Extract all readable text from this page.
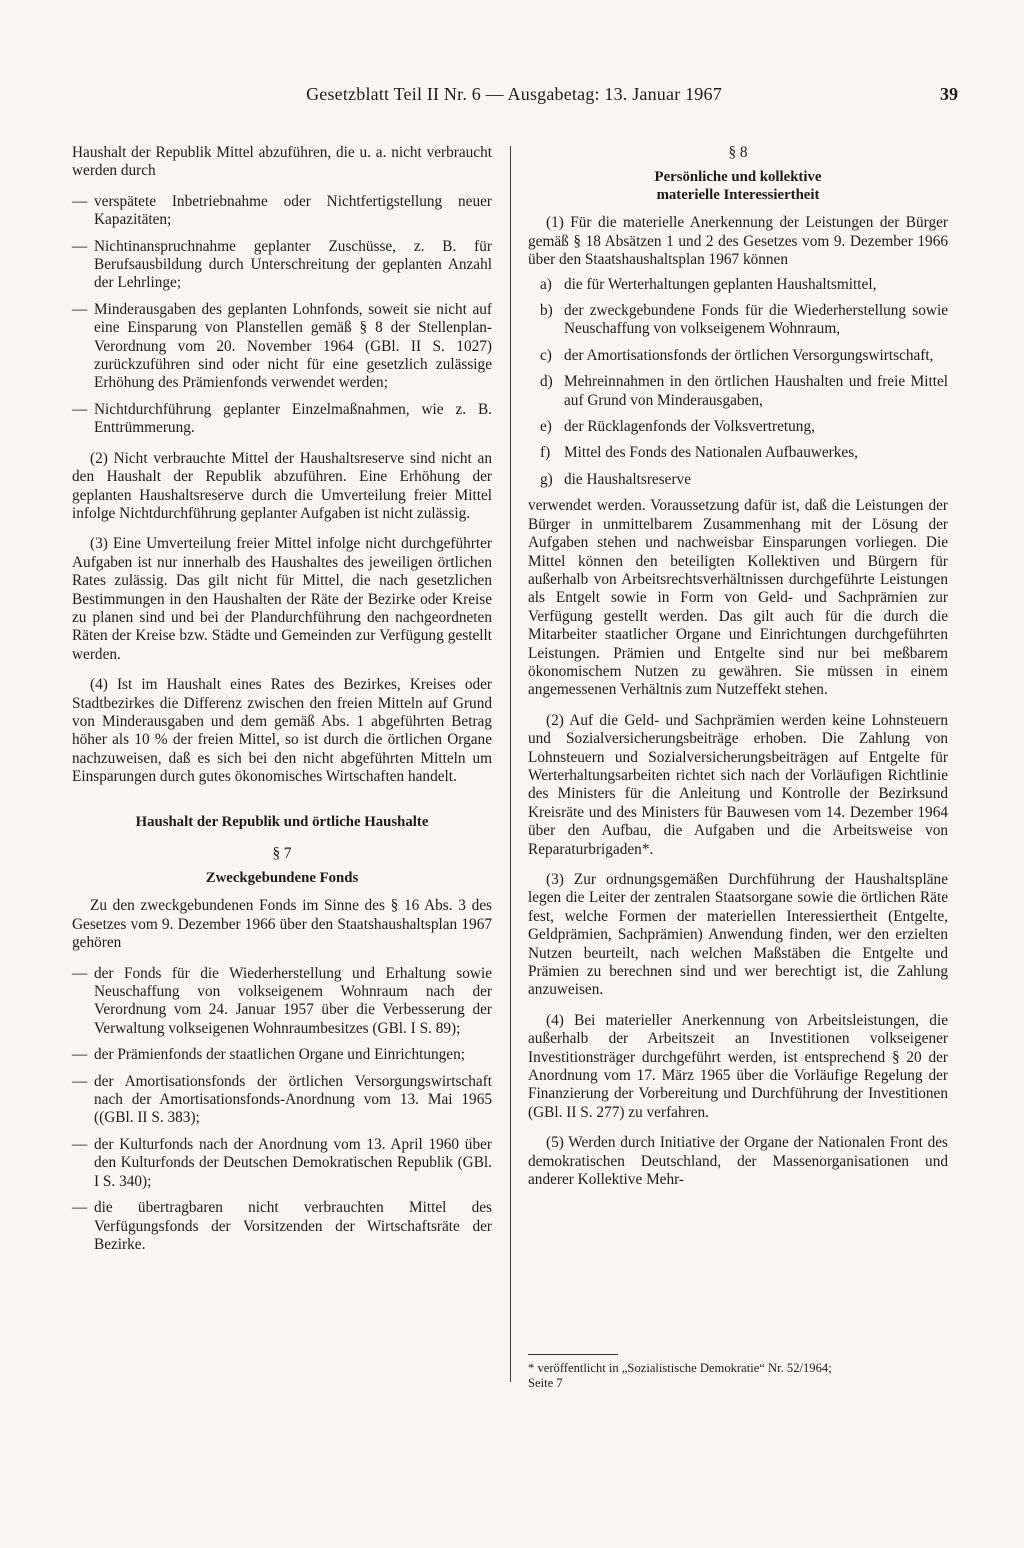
Gesetzblatt Teil II Nr. 6 — Ausgabetag: 13. Januar 1967	39

Haushalt der Republik Mittel abzuführen, die u. a. nicht verbraucht werden durch

— verspätete Inbetriebnahme oder Nichtfertigstellung neuer Kapazitäten;
— Nichtinanspruchnahme geplanter Zuschüsse, z. B. für Berufsausbildung durch Unterschreitung der geplanten Anzahl der Lehrlinge;
— Minderausgaben des geplanten Lohnfonds, soweit sie nicht auf eine Einsparung von Planstellen gemäß § 8 der Stellenplan-Verordnung vom 20. November 1964 (GBl. II S. 1027) zurückzuführen sind oder nicht für eine gesetzlich zulässige Erhöhung des Prämienfonds verwendet werden;
— Nichtdurchführung geplanter Einzelmaßnahmen, wie z. B. Enttrümmerung.

(2) Nicht verbrauchte Mittel der Haushaltsreserve sind nicht an den Haushalt der Republik abzuführen. Eine Erhöhung der geplanten Haushaltsreserve durch die Umverteilung freier Mittel infolge Nichtdurchführung geplanter Aufgaben ist nicht zulässig.

(3) Eine Umverteilung freier Mittel infolge nicht durchgeführter Aufgaben ist nur innerhalb des Haushaltes des jeweiligen örtlichen Rates zulässig. Das gilt nicht für Mittel, die nach gesetzlichen Bestimmungen in den Haushalten der Räte der Bezirke oder Kreise zu planen sind und bei der Plandurchführung den nachgeordneten Räten der Kreise bzw. Städte und Gemeinden zur Verfügung gestellt werden.

(4) Ist im Haushalt eines Rates des Bezirkes, Kreises oder Stadtbezirkes die Differenz zwischen den freien Mitteln auf Grund von Minderausgaben und dem gemäß Abs. 1 abgeführten Betrag höher als 10 % der freien Mittel, so ist durch die örtlichen Organe nachzuweisen, daß es sich bei den nicht abgeführten Mitteln um Einsparungen durch gutes ökonomisches Wirtschaften handelt.

Haushalt der Republik und örtliche Haushalte
§ 7
Zweckgebundene Fonds

Zu den zweckgebundenen Fonds im Sinne des § 16 Abs. 3 des Gesetzes vom 9. Dezember 1966 über den Staatshaushaltsplan 1967 gehören

— der Fonds für die Wiederherstellung und Erhaltung sowie Neuschaffung von volkseigenem Wohnraum nach der Verordnung vom 24. Januar 1957 über die Verbesserung der Verwaltung volkseigenen Wohnraumbesitzes (GBl. I S. 89);
— der Prämienfonds der staatlichen Organe und Einrichtungen;
— der Amortisationsfonds der örtlichen Versorgungswirtschaft nach der Amortisationsfonds-Anordnung vom 13. Mai 1965 ((GBl. II S. 383);
— der Kulturfonds nach der Anordnung vom 13. April 1960 über den Kulturfonds der Deutschen Demokratischen Republik (GBl. I S. 340);
— die übertragbaren nicht verbrauchten Mittel des Verfügungsfonds der Vorsitzenden der Wirtschaftsräte der Bezirke.
§ 8
Persönliche und kollektive
materielle Interessiertheit

(1) Für die materielle Anerkennung der Leistungen der Bürger gemäß § 18 Absätzen 1 und 2 des Gesetzes vom 9. Dezember 1966 über den Staatshaushaltsplan 1967 können

a) die für Werterhaltungen geplanten Haushaltsmittel,
b) der zweckgebundene Fonds für die Wiederherstellung sowie Neuschaffung von volkseigenem Wohnraum,
c) der Amortisationsfonds der örtlichen Versorgungswirtschaft,
d) Mehreinnahmen in den örtlichen Haushalten und freie Mittel auf Grund von Minderausgaben,
e) der Rücklagenfonds der Volksvertretung,
f) Mittel des Fonds des Nationalen Aufbauwerkes,
g) die Haushaltsreserve

verwendet werden. Voraussetzung dafür ist, daß die Leistungen der Bürger in unmittelbarem Zusammenhang mit der Lösung der Aufgaben stehen und nachweisbar Einsparungen vorliegen. Die Mittel können den beteiligten Kollektiven und Bürgern für außerhalb von Arbeitsrechtsverhältnissen durchgeführte Leistungen als Entgelt sowie in Form von Geld- und Sachprämien zur Verfügung gestellt werden. Das gilt auch für die durch die Mitarbeiter staatlicher Organe und Einrichtungen durchgeführten Leistungen. Prämien und Entgelte sind nur bei meßbarem ökonomischem Nutzen zu gewähren. Sie müssen in einem angemessenen Verhältnis zum Nutzeffekt stehen.

(2) Auf die Geld- und Sachprämien werden keine Lohnsteuern und Sozialversicherungsbeiträge erhoben. Die Zahlung von Lohnsteuern und Sozialversicherungsbeiträgen auf Entgelte für Werterhaltungsarbeiten richtet sich nach der Vorläufigen Richtlinie des Ministers für die Anleitung und Kontrolle der Bezirksund Kreisräte und des Ministers für Bauwesen vom 14. Dezember 1964 über den Aufbau, die Aufgaben und die Arbeitsweise von Reparaturbrigaden*.

(3) Zur ordnungsgemäßen Durchführung der Haushaltspläne legen die Leiter der zentralen Staatsorgane sowie die örtlichen Räte fest, welche Formen der materiellen Interessiertheit (Entgelte, Geldprämien, Sachprämien) Anwendung finden, wer den erzielten Nutzen beurteilt, nach welchen Maßstäben die Entgelte und Prämien zu berechnen sind und wer berechtigt ist, die Zahlung anzuweisen.

(4) Bei materieller Anerkennung von Arbeitsleistungen, die außerhalb der Arbeitszeit an Investitionen volkseigener Investitionsträger durchgeführt werden, ist entsprechend § 20 der Anordnung vom 17. März 1965 über die Vorläufige Regelung der Finanzierung der Vorbereitung und Durchführung der Investitionen (GBl. II S. 277) zu verfahren.

(5) Werden durch Initiative der Organe der Nationalen Front des demokratischen Deutschland, der Massenorganisationen und anderer Kollektive Mehr-

* veröffentlicht in „Sozialistische Demokratie“ Nr. 52/1964;
Seite 7
